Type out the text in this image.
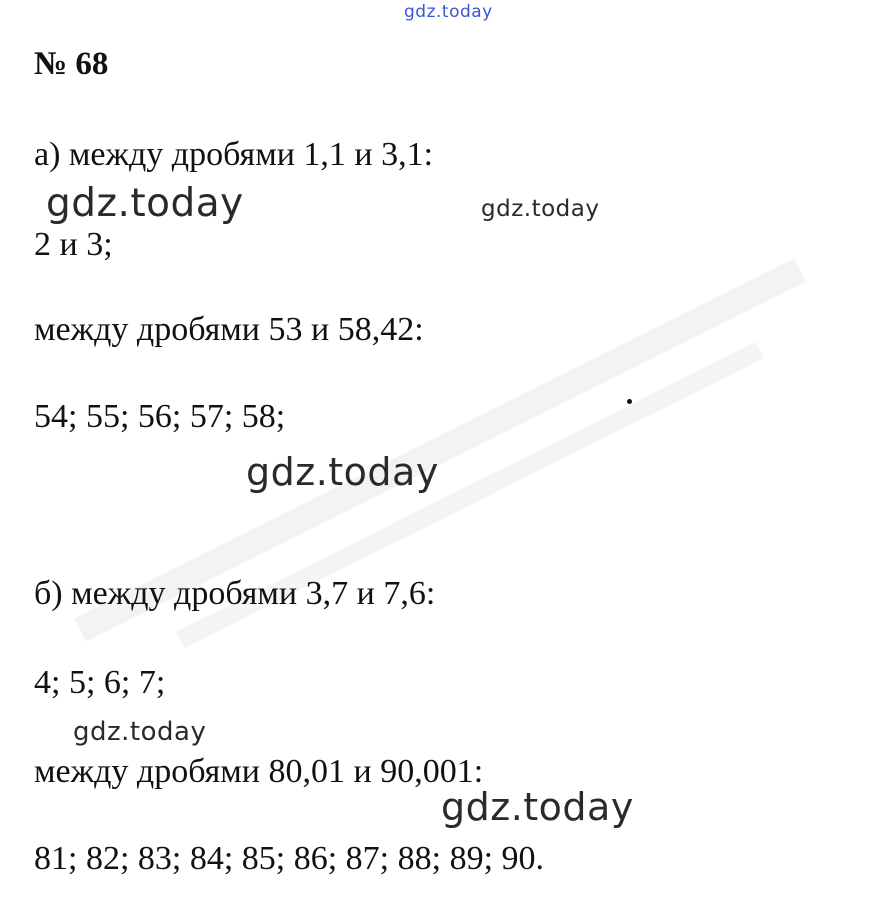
gdz.today
gdz.today	gdz.today
gdz.today
gdz.today
gdz.today
№ 68
а) между дробями 1,1 и 3,1:
2 и 3;
между дробями 53 и 58,42:
54; 55; 56; 57; 58;
б) между дробями 3,7 и 7,6:
4; 5; 6; 7;
между дробями 80,01 и 90,001:
81; 82; 83; 84; 85; 86; 87; 88; 89; 90.
